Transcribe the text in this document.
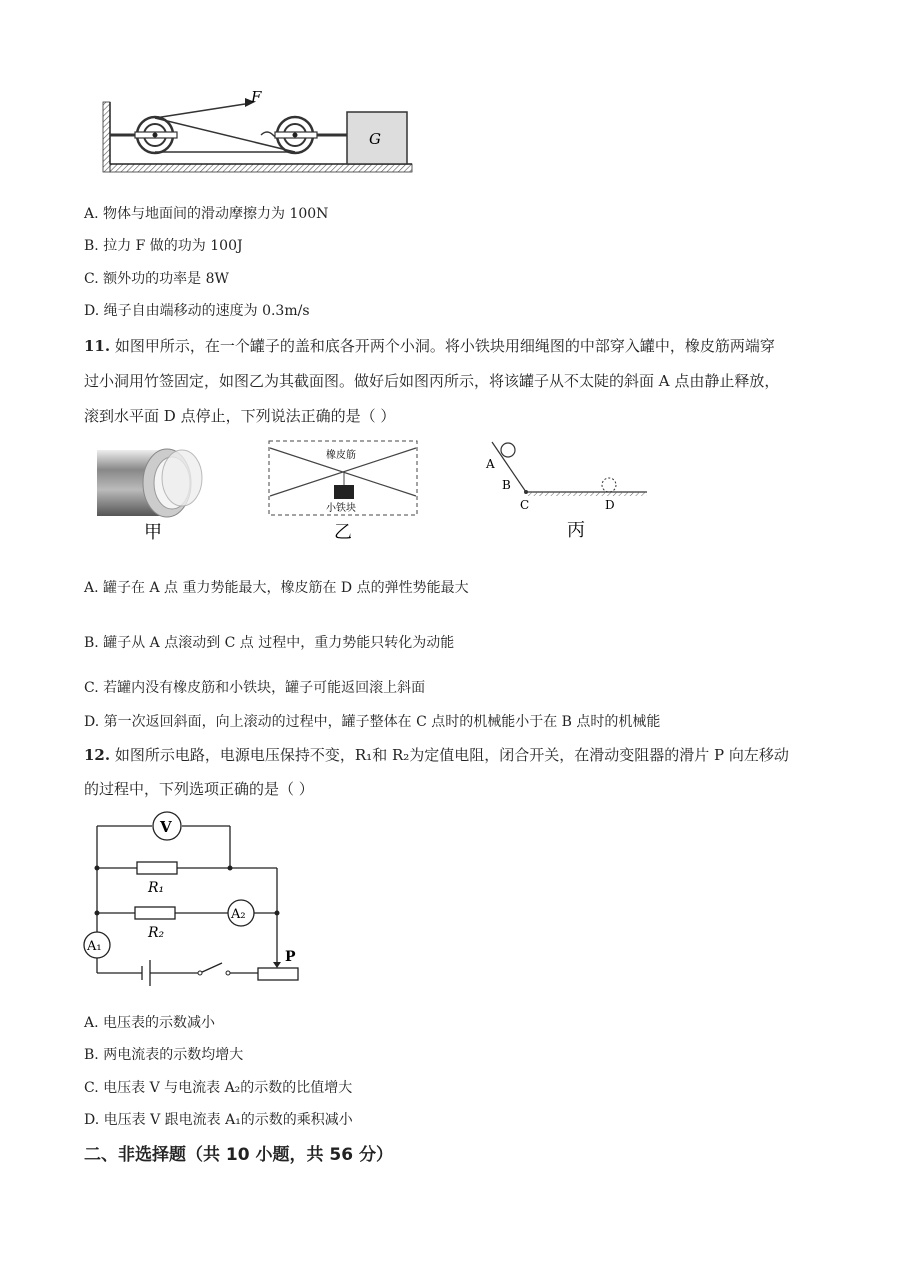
F
G
A. 物体与地面间的滑动摩擦力为 100N
B. 拉力 F 做的功为 100J
C. 额外功的功率是 8W
D. 绳子自由端移动的速度为 0.3m/s
11. 如图甲所示，在一个罐子的盖和底各开两个小洞。将小铁块用细绳图的中部穿入罐中，橡皮筋两端穿
过小洞用竹签固定，如图乙为其截面图。做好后如图丙所示，将该罐子从不太陡的斜面 A 点由静止释放，
滚到水平面 D 点停止，下列说法正确的是（ ）
甲
橡皮筋
小铁块
乙
A
B
C	D
丙
A. 罐子在 A 点 重力势能最大，橡皮筋在 D 点的弹性势能最大
B. 罐子从 A 点滚动到 C 点 过程中，重力势能只转化为动能
C. 若罐内没有橡皮筋和小铁块，罐子可能返回滚上斜面
D. 第一次返回斜面，向上滚动的过程中，罐子整体在 C 点时的机械能小于在 B 点时的机械能
12. 如图所示电路，电源电压保持不变，R₁和 R₂为定值电阻，闭合开关，在滑动变阻器的滑片 P 向左移动
的过程中，下列选项正确的是（ ）
V
A₂
A₁
R₁
R₂
P
A. 电压表的示数减小
B. 两电流表的示数均增大
C. 电压表 V 与电流表 A₂的示数的比值增大
D. 电压表 V 跟电流表 A₁的示数的乘积减小
二、非选择题（共 10 小题，共 56 分）
